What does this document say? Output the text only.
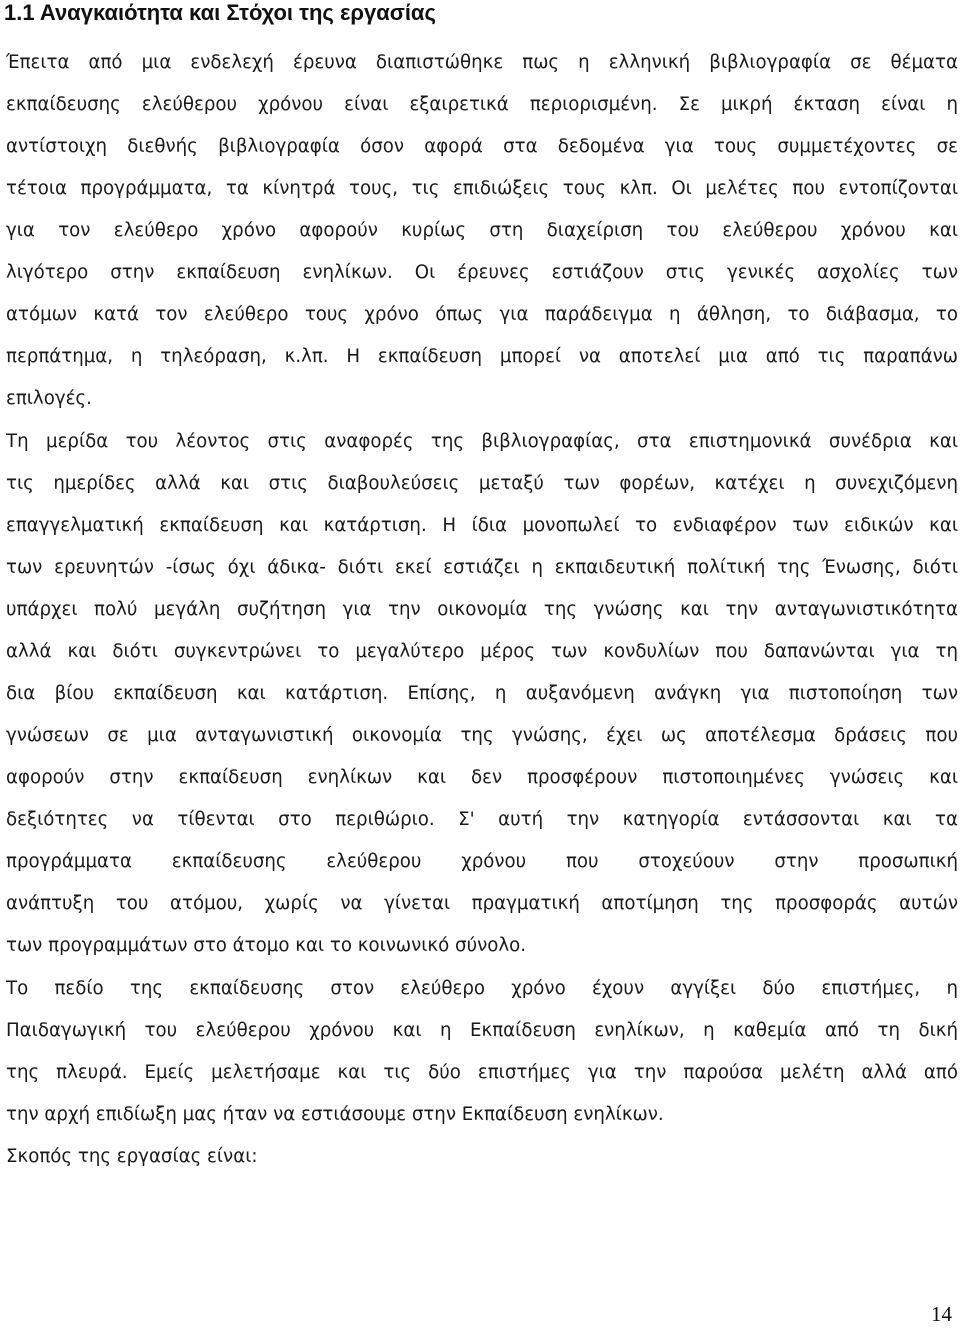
1.1 Αναγκαιότητα και Στόχοι της εργασίας

Έπειτα από μια ενδελεχή έρευνα διαπιστώθηκε πως η ελληνική βιβλιογραφία σε θέματα
εκπαίδευσης ελεύθερου χρόνου είναι εξαιρετικά περιορισμένη. Σε μικρή έκταση είναι η
αντίστοιχη διεθνής βιβλιογραφία όσον αφορά στα δεδομένα για τους συμμετέχοντες σε
τέτοια προγράμματα, τα κίνητρά τους, τις επιδιώξεις τους κλπ. Οι μελέτες που εντοπίζονται
για τον ελεύθερο χρόνο αφορούν κυρίως στη διαχείριση του ελεύθερου χρόνου και
λιγότερο στην εκπαίδευση ενηλίκων. Οι έρευνες εστιάζουν στις γενικές ασχολίες των
ατόμων κατά τον ελεύθερο τους χρόνο όπως για παράδειγμα η άθληση, το διάβασμα, το
περπάτημα, η τηλεόραση, κ.λπ. Η εκπαίδευση μπορεί να αποτελεί μια από τις παραπάνω
επιλογές.

Τη μερίδα του λέοντος στις αναφορές της βιβλιογραφίας, στα επιστημονικά συνέδρια και
τις ημερίδες αλλά και στις διαβουλεύσεις μεταξύ των φορέων, κατέχει η συνεχιζόμενη
επαγγελματική εκπαίδευση και κατάρτιση. Η ίδια μονοπωλεί το ενδιαφέρον των ειδικών και
των ερευνητών -ίσως όχι άδικα- διότι εκεί εστιάζει η εκπαιδευτική πολίτική της Ένωσης, διότι
υπάρχει πολύ μεγάλη συζήτηση για την οικονομία της γνώσης και την ανταγωνιστικότητα
αλλά και διότι συγκεντρώνει το μεγαλύτερο μέρος των κονδυλίων που δαπανώνται για τη
δια βίου εκπαίδευση και κατάρτιση. Επίσης, η αυξανόμενη ανάγκη για πιστοποίηση των
γνώσεων σε μια ανταγωνιστική οικονομία της γνώσης, έχει ως αποτέλεσμα δράσεις που
αφορούν στην εκπαίδευση ενηλίκων και δεν προσφέρουν πιστοποιημένες γνώσεις και
δεξιότητες να τίθενται στο περιθώριο. Σ' αυτή την κατηγορία εντάσσονται και τα
προγράμματα εκπαίδευσης ελεύθερου χρόνου που στοχεύουν στην προσωπική
ανάπτυξη του ατόμου, χωρίς να γίνεται πραγματική αποτίμηση της προσφοράς αυτών
των προγραμμάτων στο άτομο και το κοινωνικό σύνολο.

Το πεδίο της εκπαίδευσης στον ελεύθερο χρόνο έχουν αγγίξει δύο επιστήμες, η
Παιδαγωγική του ελεύθερου χρόνου και η Εκπαίδευση ενηλίκων, η καθεμία από τη δική
της πλευρά. Εμείς μελετήσαμε και τις δύο επιστήμες για την παρούσα μελέτη αλλά από
την αρχή επιδίωξη μας ήταν να εστιάσουμε στην Εκπαίδευση ενηλίκων.

Σκοπός της εργασίας είναι:

14
